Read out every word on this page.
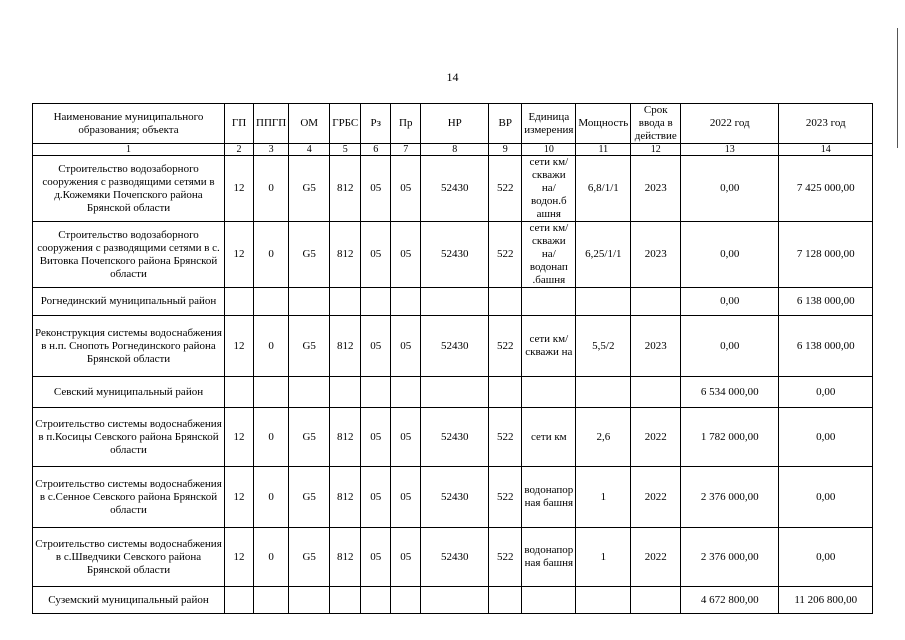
14
Наименование муниципального образования; объекта	ГП	ППГП	ОМ	ГРБС	Рз	Пр	НР	ВР	Единица измерения	Мощность	Срок ввода в действие	2022 год	2023 год
1	2	3	4	5	6	7	8	9	10	11	12	13	14
Строительство водозаборного сооружения с разводящими сетями в д.Кожемяки Почепского района Брянской области	12	0	G5	812	05	05	52430	522	сети км/скважи на/водон.б ашня	6,8/1/1	2023	0,00	7 425 000,00
Строительство водозаборного сооружения с разводящими сетями в с. Витовка Почепского района Брянской области	12	0	G5	812	05	05	52430	522	сети км/скважи на/водонап .башня	6,25/1/1	2023	0,00	7 128 000,00
Рогнединский муниципальный район												0,00	6 138 000,00
Реконструкция системы водоснабжения в н.п. Снопоть Рогнединского района Брянской области	12	0	G5	812	05	05	52430	522	сети км/скважи на	5,5/2	2023	0,00	6 138 000,00
Севский муниципальный район												6 534 000,00	0,00
Строительство системы водоснабжения в п.Косицы Севского района Брянской области	12	0	G5	812	05	05	52430	522	сети км	2,6	2022	1 782 000,00	0,00
Строительство системы водоснабжения в с.Сенное Севского района Брянской области	12	0	G5	812	05	05	52430	522	водонапор ная башня	1	2022	2 376 000,00	0,00
Строительство системы водоснабжения в с.Шведчики Севского района Брянской области	12	0	G5	812	05	05	52430	522	водонапор ная башня	1	2022	2 376 000,00	0,00
Суземский муниципальный район												4 672 800,00	11 206 800,00
